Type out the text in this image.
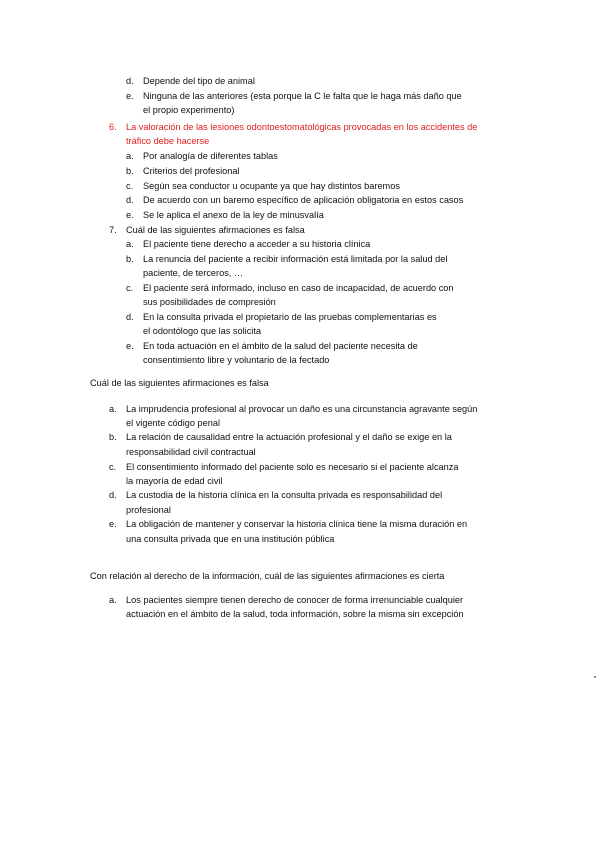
d. Depende del tipo de animal
e. Ninguna de las anteriores (esta porque la C le falta que le haga más daño que
el propio experimento)
6. La valoración de las lesiones odontoestomatológicas provocadas en los accidentes de
tráfico debe hacerse
a. Por analogía de diferentes tablas
b. Criterios del profesional
c. Según sea conductor u ocupante ya que hay distintos baremos
d. De acuerdo con un baremo específico de aplicación obligatoria en estos casos
e. Se le aplica el anexo de la ley de minusvalía
7. Cuál de las siguientes afirmaciones es falsa
a. El paciente tiene derecho a acceder a su historia clínica
b. La renuncia del paciente a recibir información está limitada por la salud del
paciente, de terceros, …
c. El paciente será informado, incluso en caso de incapacidad, de acuerdo con
sus posibilidades de compresión
d. En la consulta privada el propietario de las pruebas complementarias es
el odontólogo que las solicita
e. En toda actuación en el ámbito de la salud del paciente necesita de
consentimiento libre y voluntario de la fectado
Cuál de las siguientes afirmaciones es falsa
a. La imprudencia profesional al provocar un daño es una circunstancia agravante según
el vigente código penal
b. La relación de causalidad entre la actuación profesional y el daño se exige en la
responsabilidad civil contractual
c. El consentimiento informado del paciente solo es necesario si el paciente alcanza
la mayoría de edad civil
d. La custodia de la historia clínica en la consulta privada es responsabilidad del
profesional
e. La obligación de mantener y conservar la historia clínica tiene la misma duración en
una consulta privada que en una institución pública
Con relación al derecho de la información, cuál de las siguientes afirmaciones es cierta
a. Los pacientes siempre tienen derecho de conocer de forma irrenunciable cualquier
actuación en el ámbito de la salud, toda información, sobre la misma sin excepción
